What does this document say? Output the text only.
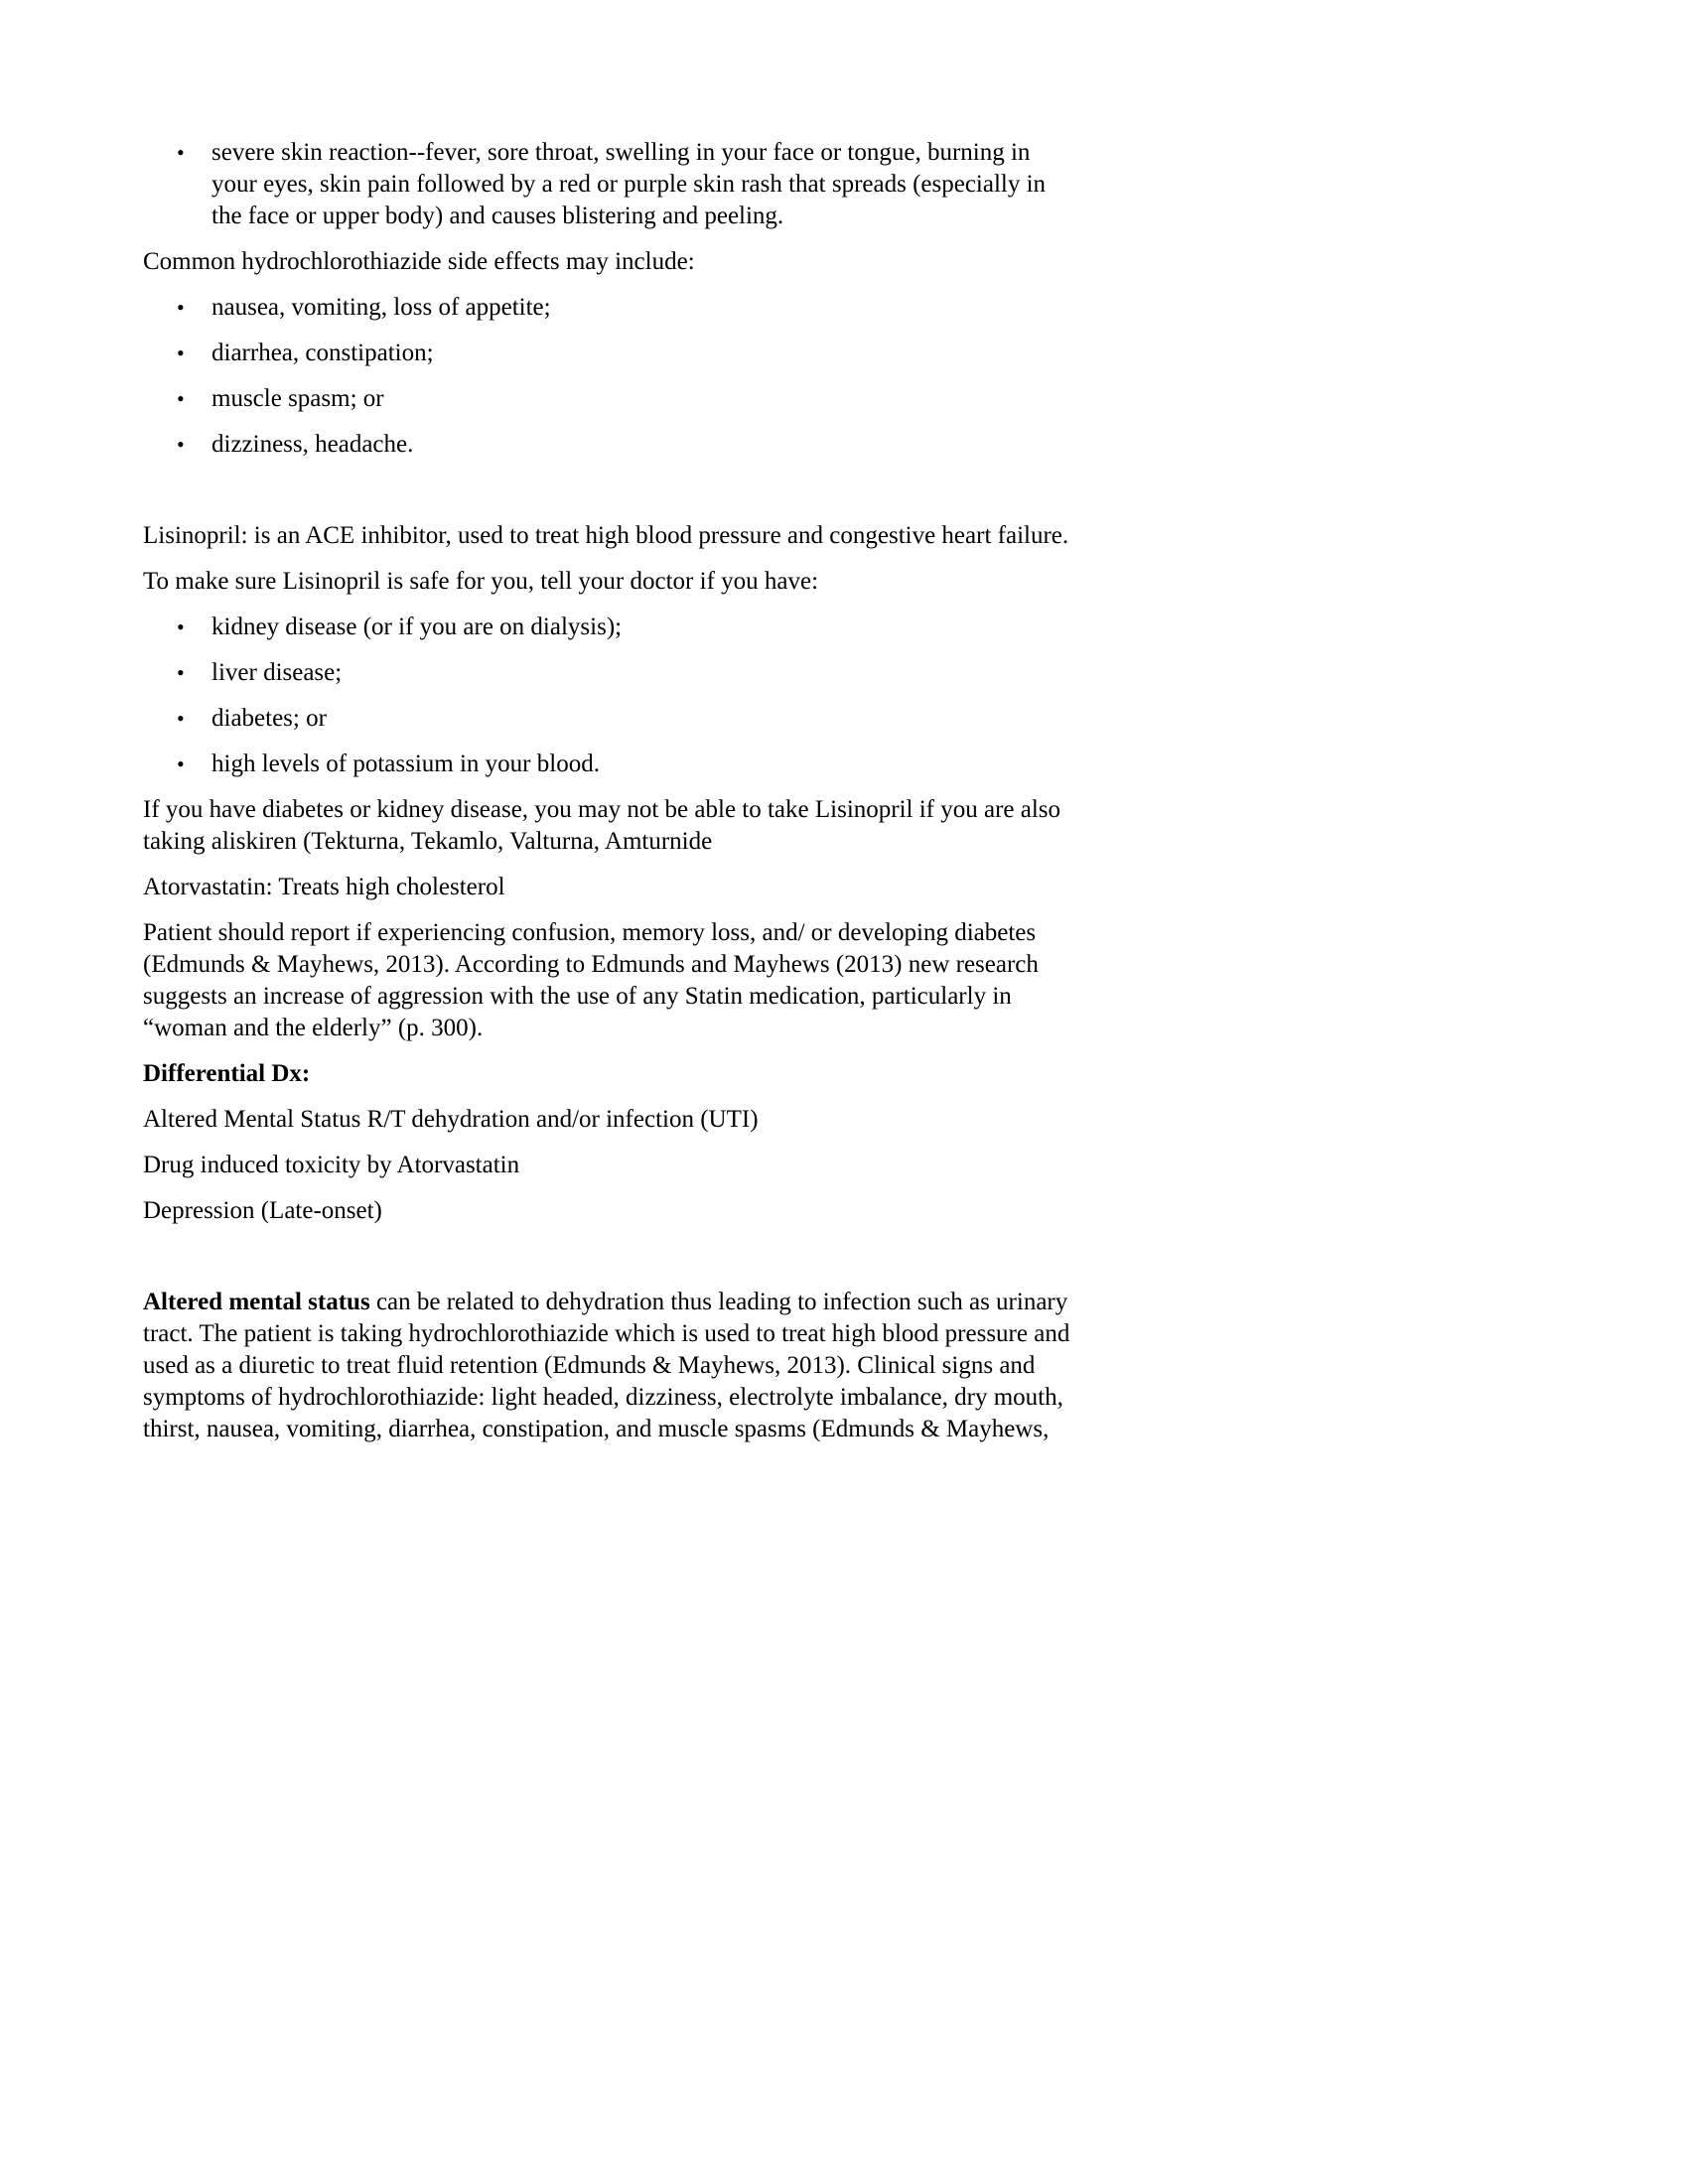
• severe skin reaction--fever, sore throat, swelling in your face or tongue, burning in your eyes, skin pain followed by a red or purple skin rash that spreads (especially in the face or upper body) and causes blistering and peeling.

Common hydrochlorothiazide side effects may include:

• nausea, vomiting, loss of appetite;
• diarrhea, constipation;
• muscle spasm; or
• dizziness, headache.

Lisinopril: is an ACE inhibitor, used to treat high blood pressure and congestive heart failure.

To make sure Lisinopril is safe for you, tell your doctor if you have:

• kidney disease (or if you are on dialysis);
• liver disease;
• diabetes; or
• high levels of potassium in your blood.

If you have diabetes or kidney disease, you may not be able to take Lisinopril if you are also taking aliskiren (Tekturna, Tekamlo, Valturna, Amturnide

Atorvastatin: Treats high cholesterol

Patient should report if experiencing confusion, memory loss, and/ or developing diabetes (Edmunds & Mayhews, 2013). According to Edmunds and Mayhews (2013) new research suggests an increase of aggression with the use of any Statin medication, particularly in “woman and the elderly” (p. 300).

Differential Dx:

Altered Mental Status R/T dehydration and/or infection (UTI)

Drug induced toxicity by Atorvastatin

Depression (Late-onset)

Altered mental status can be related to dehydration thus leading to infection such as urinary tract. The patient is taking hydrochlorothiazide which is used to treat high blood pressure and used as a diuretic to treat fluid retention (Edmunds & Mayhews, 2013). Clinical signs and symptoms of hydrochlorothiazide: light headed, dizziness, electrolyte imbalance, dry mouth, thirst, nausea, vomiting, diarrhea, constipation, and muscle spasms (Edmunds & Mayhews,
